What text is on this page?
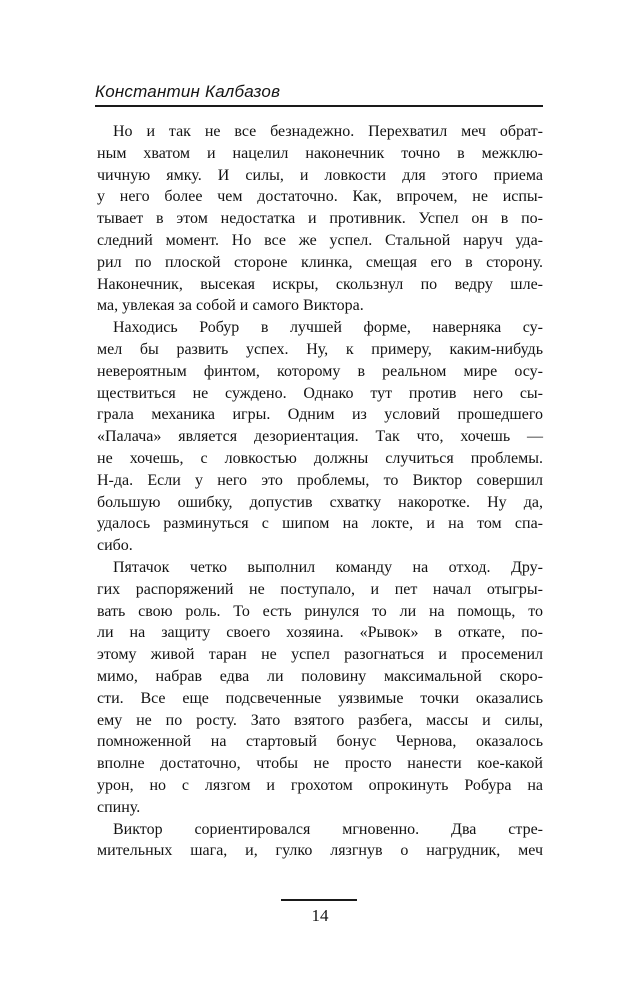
Константин Калбазов
Но и так не все безнадежно. Перехватил меч обрат-
ным хватом и нацелил наконечник точно в межклю-
чичную ямку. И силы, и ловкости для этого приема
у него более чем достаточно. Как, впрочем, не испы-
тывает в этом недостатка и противник. Успел он в по-
следний момент. Но все же успел. Стальной наруч уда-
рил по плоской стороне клинка, смещая его в сторону.
Наконечник, высекая искры, скользнул по ведру шле-
ма, увлекая за собой и самого Виктора.
Находись Робур в лучшей форме, наверняка су-
мел бы развить успех. Ну, к примеру, каким-нибудь
невероятным финтом, которому в реальном мире осу-
ществиться не суждено. Однако тут против него сы-
грала механика игры. Одним из условий прошедшего
«Палача» является дезориентация. Так что, хочешь —
не хочешь, с ловкостью должны случиться проблемы.
Н-да. Если у него это проблемы, то Виктор совершил
большую ошибку, допустив схватку накоротке. Ну да,
удалось разминуться с шипом на локте, и на том спа-
сибо.
Пятачок четко выполнил команду на отход. Дру-
гих распоряжений не поступало, и пет начал отыгры-
вать свою роль. То есть ринулся то ли на помощь, то
ли на защиту своего хозяина. «Рывок» в откате, по-
этому живой таран не успел разогнаться и просеменил
мимо, набрав едва ли половину максимальной скоро-
сти. Все еще подсвеченные уязвимые точки оказались
ему не по росту. Зато взятого разбега, массы и силы,
помноженной на стартовый бонус Чернова, оказалось
вполне достаточно, чтобы не просто нанести кое-какой
урон, но с лязгом и грохотом опрокинуть Робура на
спину.
Виктор сориентировался мгновенно. Два стре-
мительных шага, и, гулко лязгнув о нагрудник, меч
14
